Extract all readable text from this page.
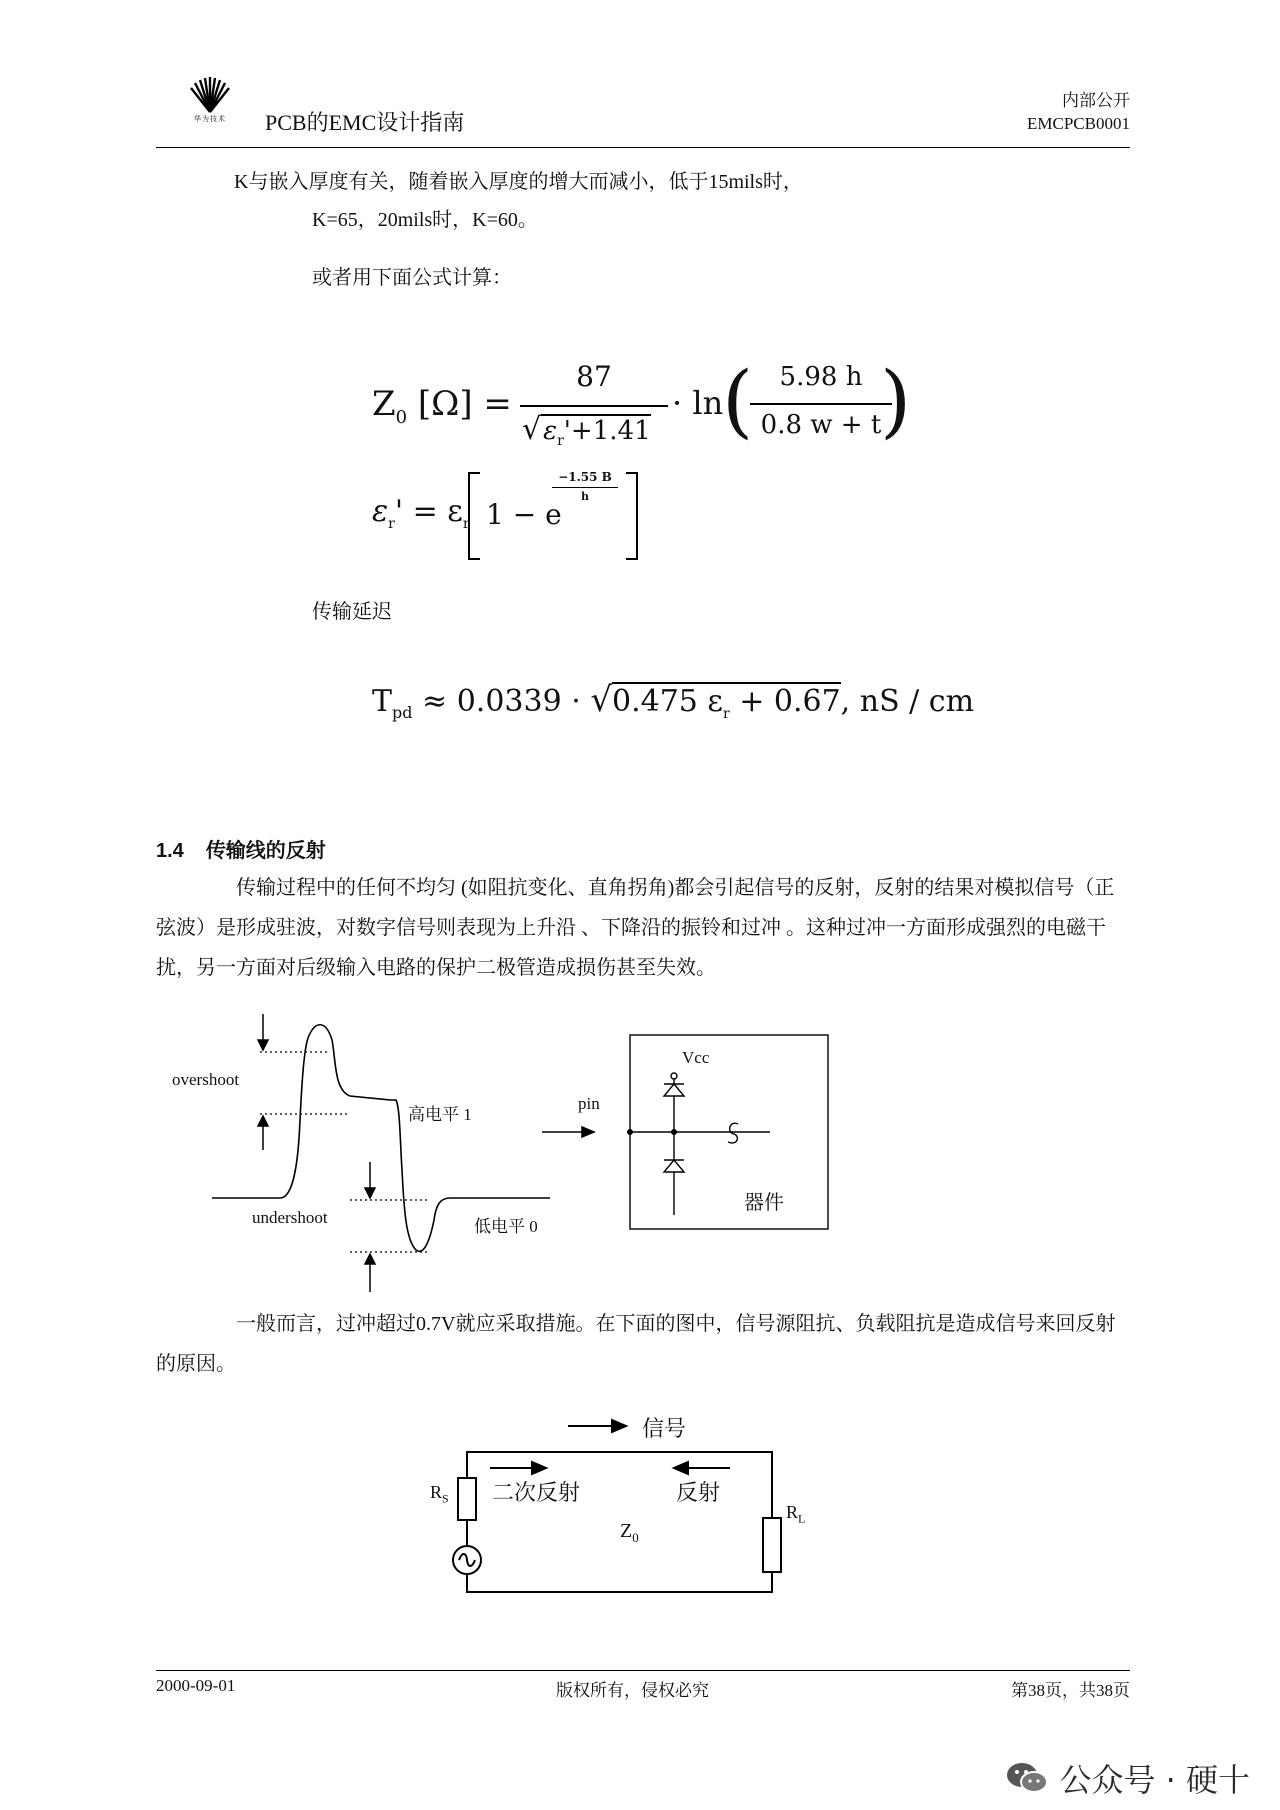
华为技术	PCB的EMC设计指南
内部公开
EMCPCB0001
K与嵌入厚度有关，随着嵌入厚度的增大而减小，低于15mils时，
K=65，20mils时，K=60。
或者用下面公式计算：
$Z_0$ [Ω] =
87
$√\varepsilon_r'+1.41$
· ln
(	5.98 h
0.8 w + t
)
$\varepsilon_r' = \varepsilon_r$ 1 − e
−1.55 B
h
传输延迟
$T_{pd} \approx 0.0339 \cdot √0.475$ $\varepsilon_r + 0.67$, nS / cm
1.4 传输线的反射
传输过程中的任何不均匀 (如阻抗变化、直角拐角)都会引起信号的反射，反射的结果对模拟信号（正弦波）是形成驻波，对数字信号则表现为上升沿 、下降沿的振铃和过冲 。这种过冲一方面形成强烈的电磁干扰，另一方面对后级输入电路的保护二极管造成损伤甚至失效。
overshoot
undershoot
高电平 1
低电平 0
pin
Vcc
器件
一般而言，过冲超过0.7V就应采取措施。在下面的图中，信号源阻抗、负载阻抗是造成信号来回反射的原因。
信号
$R_S$ 二次反射	反射
$R_L$
$Z_0$
2000-09-01	版权所有，侵权必究	第38页，共38页
公众号 · 硬十
